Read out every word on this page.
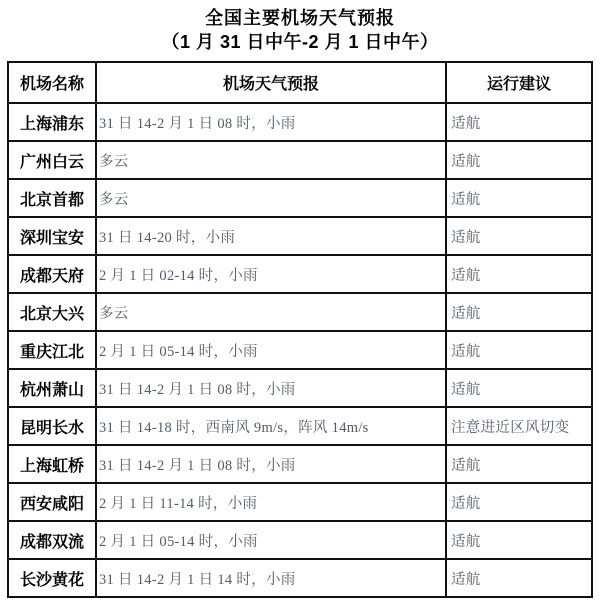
全国主要机场天气预报
（1 月 31 日中午-2 月 1 日中午）
机场名称	机场天气预报	运行建议
上海浦东	31 日 14-2 月 1 日 08 时，小雨	适航
广州白云	多云	适航
北京首都	多云	适航
深圳宝安	31 日 14-20 时，小雨	适航
成都天府	2 月 1 日 02-14 时，小雨	适航
北京大兴	多云	适航
重庆江北	2 月 1 日 05-14 时，小雨	适航
杭州萧山	31 日 14-2 月 1 日 08 时，小雨	适航
昆明长水	31 日 14-18 时，西南风 9m/s，阵风 14m/s	注意进近区风切变
上海虹桥	31 日 14-2 月 1 日 08 时，小雨	适航
西安咸阳	2 月 1 日 11-14 时，小雨	适航
成都双流	2 月 1 日 05-14 时，小雨	适航
长沙黄花	31 日 14-2 月 1 日 14 时，小雨	适航
